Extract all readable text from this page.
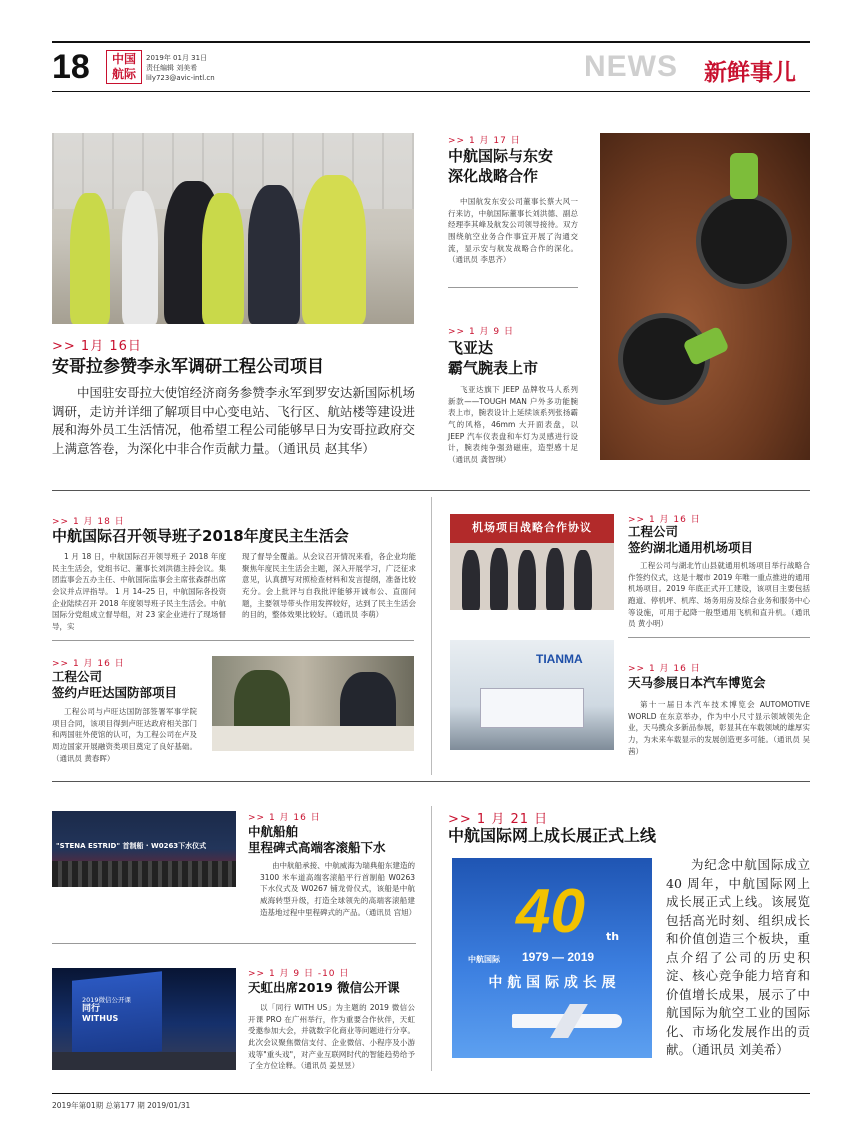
18	中国
航际
2019年 01月 31日
责任编辑 刘美希
lily723@avic-intl.cn	NEWS 新鲜事儿
>> 1月 16日
安哥拉参赞李永军调研工程公司项目
中国驻安哥拉大使馆经济商务参赞李永军到罗安达新国际机场调研，走访并详细了解项目中心变电站、飞行区、航站楼等建设进展和海外员工生活情况，他希望工程公司能够早日为安哥拉政府交上满意答卷，为深化中非合作贡献力量。（通讯员 赵其华）
>> 1 月 17 日
中航国际与东安
深化战略合作
中国航发东安公司董事长蔡大风一行来访，中航国际董事长刘洪德、副总经理李其峰及航发公司领导接待。双方围绕航空业务合作事宜开展了沟通交流，显示安与航发战略合作的深化。（通讯员 李思齐）
>> 1 月 9 日
飞亚达
霸气腕表上市
飞亚达旗下 JEEP 品牌牧马人系列新款——TOUGH MAN 户外多功能腕表上市，腕表设计上延续该系列张扬霸气的风格，46mm 大开面表盘，以 JEEP 汽车仪表盘和车灯为灵感进行设计，腕表纯争强劲磁座，造型感十足（通讯员 龚智琪）
>> 1 月 18 日
中航国际召开领导班子2018年度民主生活会
1 月 18 日，中航国际召开领导班子 2018 年度民主生活会，党组书记、董事长刘洪德主持会议。集团监事会五办主任、中航国际监事会主席张森群出席会议并点评指导。 1 月 14–25 日，中航国际各投资企业陆续召开 2018 年度领导班子民主生活会。中航国际分党组成立督导组，对 23 家企业进行了现场督导，实
现了督导全覆盖。从会议召开情况来看，各企业均能聚焦年度民主生活会主题，深入开展学习，广泛征求意见，认真撰写对照检查材料和发言提纲，准备比较充分。会上批评与自我批评能够开诚布公、直面问题，主要领导带头作用发挥较好，达到了民主生活会的目的，整体效果比较好。（通讯员 李萌）
>> 1 月 16 日
工程公司
签约卢旺达国防部项目
工程公司与卢旺达国防部签署军事学院项目合同，该项目得到卢旺达政府相关部门和两国驻外使馆的认可，为工程公司在卢及周边国家开展融资类项目奠定了良好基础。（通讯员 黄春晖）
机场项目战略合作协议
>> 1 月 16 日
工程公司
签约湖北通用机场项目
工程公司与湖北竹山县就通用机场项目举行战略合作签约仪式，这是十堰市 2019 年唯一重点推进的通用机场项目。2019 年底正式开工建设，该项目主要包括跑道、停机坪、机库、场务用房及综合业务和服务中心等设施，可用于起降一般型通用飞机和直升机。（通讯员 黄小明）
TIANMA
>> 1 月 16 日
天马参展日本汽车博览会
第十一届日本汽车技术博览会 AUTOMOTIVE WORLD 在东京举办，作为中小尺寸显示领域领先企业，天马携众多新品参展，彰显其在车载领域的雄厚实力，为未来车载显示的发展创造更多可能。（通讯员 吴茜）
"STENA ESTRID" 首制船 · W0263下水仪式
>> 1 月 16 日
中航船舶
里程碑式高端客滚船下水
由中航船承接、中航威海为瑞典船东建造的 3100 米车道高端客滚船平行首制船 W0263 下水仪式及 W0267 铺龙骨仪式，该船是中航威海转型升级，打造全球领先的高端客滚船建造基地过程中里程碑式的产品。（通讯员 宫旭）
2019微信公开课
同行
WITHUS
>> 1 月 9 日 -10 日
天虹出席2019 微信公开课
以「同行 WITH US」为主题的 2019 微信公开课 PRO 在广州举行，作为重要合作伙伴，天虹受邀参加大会，并就数字化商业等问题进行分享。此次会议聚焦微信支付、企业微信、小程序及小游戏等"重头戏"，对产业互联网时代的智能趋势给予了全方位诠释。（通讯员 姜昱昱）
>> 1 月 21 日
中航国际网上成长展正式上线
40 th
中航国际 1979 — 2019
中 航 国 际 成 长 展
为纪念中航国际成立 40 周年，中航国际网上成长展正式上线。该展览包括高光时刻、组织成长和价值创造三个板块，重点介绍了公司的历史积淀、核心竞争能力培育和价值增长成果，展示了中航国际为航空工业的国际化、市场化发展作出的贡献。（通讯员 刘美希）
2019年第01期 总第177 期 2019/01/31
